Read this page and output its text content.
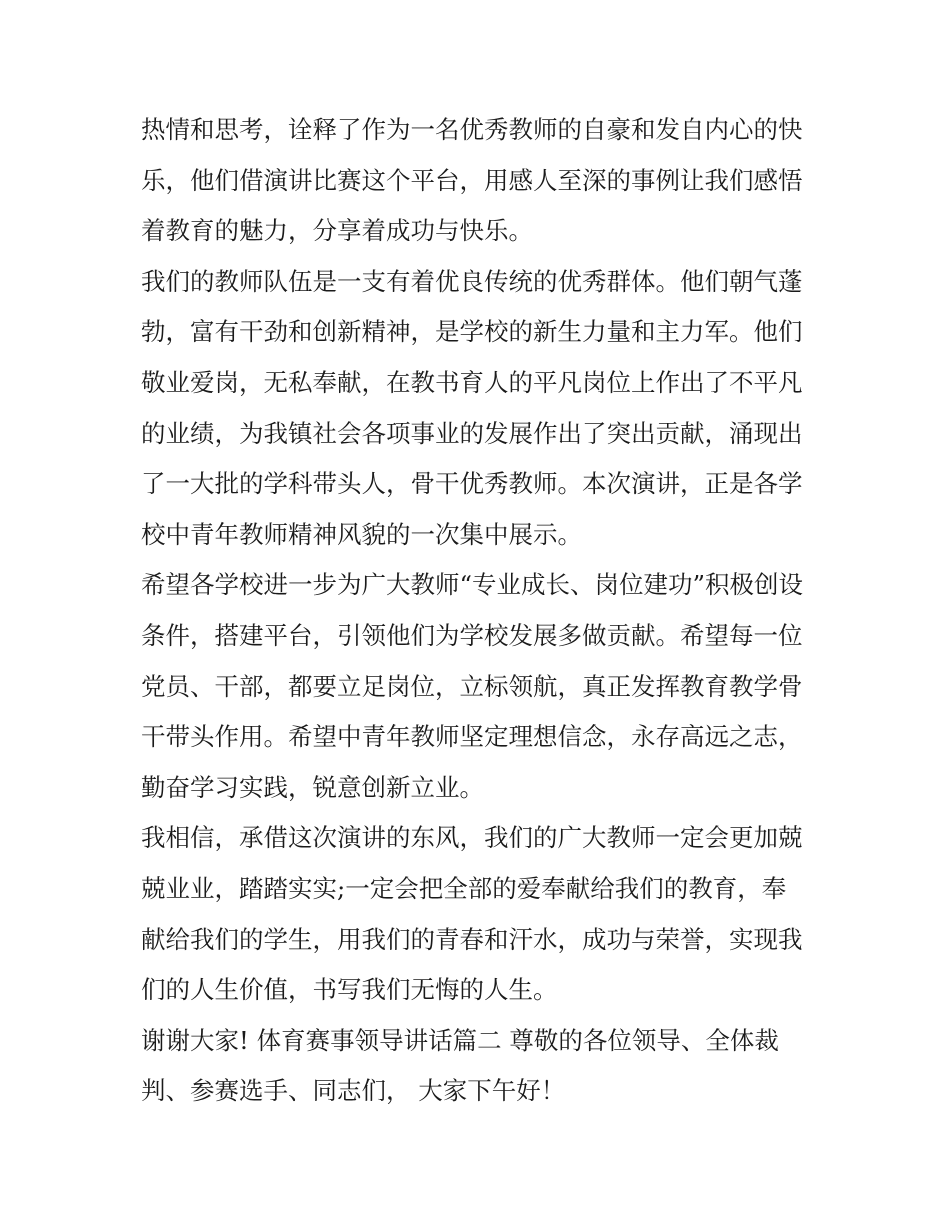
热情和思考，诠释了作为一名优秀教师的自豪和发自内心的快
乐，他们借演讲比赛这个平台，用感人至深的事例让我们感悟
着教育的魅力，分享着成功与快乐。
我们的教师队伍是一支有着优良传统的优秀群体。他们朝气蓬
勃，富有干劲和创新精神，是学校的新生力量和主力军。他们
敬业爱岗，无私奉献，在教书育人的平凡岗位上作出了不平凡
的业绩，为我镇社会各项事业的发展作出了突出贡献，涌现出
了一大批的学科带头人，骨干优秀教师。本次演讲，正是各学
校中青年教师精神风貌的一次集中展示。
希望各学校进一步为广大教师“专业成长、岗位建功”积极创设
条件，搭建平台，引领他们为学校发展多做贡献。希望每一位
党员、干部，都要立足岗位，立标领航，真正发挥教育教学骨
干带头作用。希望中青年教师坚定理想信念，永存高远之志，
勤奋学习实践，锐意创新立业。
我相信，承借这次演讲的东风，我们的广大教师一定会更加兢
兢业业，踏踏实实;一定会把全部的爱奉献给我们的教育，奉
献给我们的学生，用我们的青春和汗水，成功与荣誉，实现我
们的人生价值，书写我们无悔的人生。
谢谢大家! 体育赛事领导讲话篇二 尊敬的各位领导、全体裁
判、参赛选手、同志们， 大家下午好！
